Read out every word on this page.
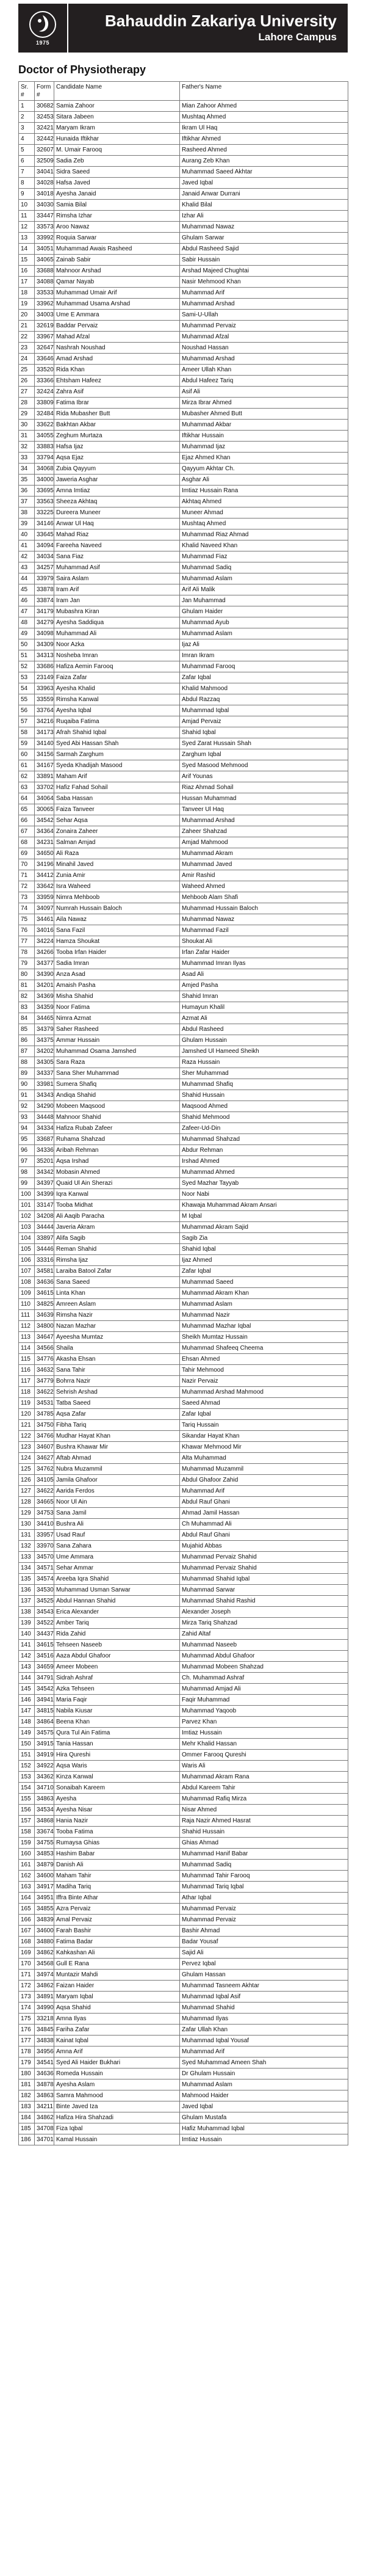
1975
Bahauddin Zakariya University
Lahore Campus
Doctor of Physiotherapy
Sr. #	Form #	Candidate Name	Father's Name
1	30682	Samia Zahoor	Mian Zahoor Ahmed
2	32453	Sitara Jabeen	Mushtaq Ahmed
3	32421	Maryam Ikram	Ikram Ul Haq
4	32442	Hunaida Iftikhar	Iftikhar Ahmed
5	32607	M. Umair Farooq	Rasheed Ahmed
6	32509	Sadia Zeb	Aurang Zeb Khan
7	34041	Sidra Saeed	Muhammad Saeed Akhtar
8	34028	Hafsa Javed	Javed Iqbal
9	34018	Ayesha Janaid	Janaid Anwar Durrani
10	34030	Samia Bilal	Khalid Bilal
11	33447	Rimsha Izhar	Izhar Ali
12	33573	Aroo Nawaz	Muhammad Nawaz
13	33992	Roquia Sarwar	Ghulam Sarwar
14	34051	Muhammad Awais Rasheed	Abdul Rasheed Sajid
15	34065	Zainab Sabir	Sabir Hussain
16	33688	Mahnoor Arshad	Arshad Majeed Chughtai
17	34088	Qamar Nayab	Nasir Mehmood Khan
18	33533	Muhammad Umair Arif	Muhammad Arif
19	33962	Muhammad Usama Arshad	Muhammad Arshad
20	34003	Ume E Ammara	Sami-U-Ullah
21	32619	Baddar Pervaiz	Muhammad Pervaiz
22	33967	Mahad Afzal	Muhammad Afzal
23	32647	Nashrah Noushad	Noushad Hassan
24	33646	Amad Arshad	Muhammad Arshad
25	33520	Rida Khan	Ameer Ullah Khan
26	33366	Ehtsham Hafeez	Abdul Hafeez Tariq
27	32424	Zahra Asif	Asif Ali
28	33809	Fatima Ibrar	Mirza Ibrar Ahmed
29	32484	Rida Mubasher Butt	Mubasher Ahmed Butt
30	33622	Bakhtan Akbar	Muhammad Akbar
31	34055	Zeghum Murtaza	Iftikhar Hussain
32	33883	Hafsa Ijaz	Muhammad Ijaz
33	33794	Aqsa Ejaz	Ejaz Ahmed Khan
34	34068	Zubia Qayyum	Qayyum Akhtar Ch.
35	34000	Jaweria Asghar	Asghar Ali
36	33695	Amna Imtiaz	Imtiaz Hussain Rana
37	33563	Sheeza Akhtaq	Akhtaq Ahmed
38	33225	Dureera Muneer	Muneer Ahmad
39	34146	Anwar Ul Haq	Mushtaq Ahmed
40	33645	Mahad Riaz	Muhammad Riaz Ahmad
41	34094	Fareeha Naveed	Khalid Naveed Khan
42	34034	Sana Fiaz	Muhammad Fiaz
43	34257	Muhammad Asif	Muhammad Sadiq
44	33979	Saira Aslam	Muhammad Aslam
45	33878	Iram Arif	Arif Ali Malik
46	33874	Iram Jan	Jan Muhammad
47	34179	Mubashra Kiran	Ghulam Haider
48	34279	Ayesha Saddiqua	Muhammad Ayub
49	34098	Muhammad Ali	Muhammad Aslam
50	34309	Noor Azka	Ijaz Ali
51	34313	Nosheba Imran	Imran Ikram
52	33686	Hafiza Aemin Farooq	Muhammad Farooq
53	23149	Faiza Zafar	Zafar Iqbal
54	33963	Ayesha Khalid	Khalid Mahmood
55	33559	Rimsha Kanwal	Abdul Razzaq
56	33764	Ayesha Iqbal	Muhammad Iqbal
57	34216	Ruqaiba Fatima	Amjad Pervaiz
58	34173	Afrah Shahid Iqbal	Shahid Iqbal
59	34140	Syed Abi Hassan Shah	Syed Zarat Hussain Shah
60	34156	Sarmah Zarghum	Zarghum Iqbal
61	34167	Syeda Khadijah Masood	Syed Masood Mehmood
62	33891	Maham Arif	Arif Younas
63	33702	Hafiz Fahad Sohail	Riaz Ahmad Sohail
64	34064	Saba Hassan	Hussan Muhammad
65	30065	Faiza Tanveer	Tanveer Ul Haq
66	34542	Sehar Aqsa	Muhammad Arshad
67	34364	Zonaira Zaheer	Zaheer Shahzad
68	34231	Salman Amjad	Amjad Mahmood
69	34650	Ali Raza	Muhammad Akram
70	34196	Minahil Javed	Muhammad Javed
71	34412	Zunia Amir	Amir Rashid
72	33642	Isra Waheed	Waheed Ahmed
73	33959	Nimra Mehboob	Mehboob Alam Shafi
74	34097	Numrah Hussain Baloch	Muhammad Hussain Baloch
75	34461	Aila Nawaz	Muhammad Nawaz
76	34016	Sana Fazil	Muhammad Fazil
77	34224	Hamza Shoukat	Shoukat Ali
78	34266	Tooba Irfan Haider	Irfan Zafar Haider
79	34377	Sadia Imran	Muhammad Imran Ilyas
80	34390	Anza Asad	Asad Ali
81	34201	Amaish Pasha	Amjed Pasha
82	34369	Misha Shahid	Shahid Imran
83	34359	Noor Fatima	Humayun Khalil
84	34465	Nimra Azmat	Azmat Ali
85	34379	Saher Rasheed	Abdul Rasheed
86	34375	Ammar Hussain	Ghulam Hussain
87	34202	Muhammad Osama Jamshed	Jamshed Ul Hameed Sheikh
88	34305	Sara Raza	Raza Hussain
89	34337	Sana Sher Muhammad	Sher Muhammad
90	33981	Sumera Shafiq	Muhammad Shafiq
91	34343	Andiqa Shahid	Shahid Hussain
92	34290	Mobeen Maqsood	Maqsood Ahmed
93	34448	Mahnoor Shahid	Shahid Mehmood
94	34334	Hafiza Rubab Zafeer	Zafeer-Ud-Din
95	33687	Ruhama Shahzad	Muhammad Shahzad
96	34336	Aribah Rehman	Abdur Rehman
97	35201	Aqsa Irshad	Irshad Ahmed
98	34342	Mobasin Ahmed	Muhammad Ahmed
99	34397	Quaid Ul Ain Sherazi	Syed Mazhar Tayyab
100	34399	Iqra Kanwal	Noor Nabi
101	33147	Tooba Midhat	Khawaja Muhammad Akram Ansari
102	34208	Ali Aaqib Paracha	M Iqbal
103	34444	Javeria Akram	Muhammad Akram Sajid
104	33897	Alifa Sagib	Sagib Zia
105	34446	Reman Shahid	Shahid Iqbal
106	33316	Rimsha Ijaz	Ijaz Ahmed
107	34581	Laraiba Batool Zafar	Zafar Iqbal
108	34636	Sana Saeed	Muhammad Saeed
109	34615	Linta Khan	Muhammad Akram Khan
110	34825	Amreen Aslam	Muhammad Aslam
111	34639	Rimsha Nazir	Muhammad Nazir
112	34800	Nazan Mazhar	Muhammad Mazhar Iqbal
113	34647	Ayeesha Mumtaz	Sheikh Mumtaz Hussain
114	34566	Shaila	Muhammad Shafeeq Cheema
115	34776	Akasha Ehsan	Ehsan Ahmed
116	34632	Sana Tahir	Tahir Mehmood
117	34779	Bohrra Nazir	Nazir Pervaiz
118	34622	Sehrish Arshad	Muhammad Arshad Mahmood
119	34531	Tatba Saeed	Saeed Ahmad
120	34785	Aqsa Zafar	Zafar Iqbal
121	34750	Fibha Tariq	Tariq Hussain
122	34766	Mudhar Hayat Khan	Sikandar Hayat Khan
123	34607	Bushra Khawar Mir	Khawar Mehmood Mir
124	34627	Aftab Ahmad	Alta Muhammad
125	34762	Nubra Muzammil	Muhammad Muzammil
126	34105	Jamila Ghafoor	Abdul Ghafoor Zahid
127	34622	Aarida Ferdos	Muhammad Arif
128	34665	Noor Ul Ain	Abdul Rauf Ghani
129	34753	Sana Jamil	Ahmad Jamil Hassan
130	34410	Bushra Ali	Ch Muhammad Ali
131	33957	Usad Rauf	Abdul Rauf Ghani
132	33970	Sana Zahara	Mujahid Abbas
133	34570	Ume Ammara	Muhammad Pervaiz Shahid
134	34571	Sehar Ammar	Muhammad Pervaiz Shahid
135	34574	Areeba Iqra Shahid	Muhammad Shahid Iqbal
136	34530	Muhammad Usman Sarwar	Muhammad Sarwar
137	34525	Abdul Hannan Shahid	Muhammad Shahid Rashid
138	34543	Erica Alexander	Alexander Joseph
139	34522	Amber Tariq	Mirza Tariq Shahzad
140	34437	Rida Zahid	Zahid Altaf
141	34615	Tehseen Naseeb	Muhammad Naseeb
142	34516	Aaza Abdul Ghafoor	Muhammad Abdul Ghafoor
143	34659	Ameer Mobeen	Muhammad Mobeen Shahzad
144	34791	Sidrah Ashraf	Ch. Muhammad Ashraf
145	34542	Azka Tehseen	Muhammad Amjad Ali
146	34941	Maria Faqir	Faqir Muhammad
147	34815	Nabila Kiusar	Muhammad Yaqoob
148	34864	Beena Khan	Parvez Khan
149	34575	Qura Tul Ain Fatima	Imtiaz Hussain
150	34915	Tania Hassan	Mehr Khalid Hassan
151	34919	Hira Qureshi	Ommer Farooq Qureshi
152	34922	Aqsa Waris	Waris Ali
153	34362	Kinza Kanwal	Muhammad Akram Rana
154	34710	Sonaibah Kareem	Abdul Kareem Tahir
155	34863	Ayesha	Muhammad Rafiq Mirza
156	34534	Ayesha Nisar	Nisar Ahmed
157	34868	Hania Nazir	Raja Nazir Ahmed Hasrat
158	33674	Tooba Fatima	Shahid Hussain
159	34755	Rumaysa Ghias	Ghias Ahmad
160	34853	Hashim Babar	Muhammad Hanif Babar
161	34879	Danish Ali	Muhammad Sadiq
162	34600	Maham Tahir	Muhammad Tahir Farooq
163	34917	Madiha Tariq	Muhammad Tariq Iqbal
164	34951	Iffra Binte Athar	Athar Iqbal
165	34855	Azra Pervaiz	Muhammad Pervaiz
166	34839	Amal Pervaiz	Muhammad Pervaiz
167	34600	Farah Bashir	Bashir Ahmad
168	34880	Fatima Badar	Badar Yousaf
169	34862	Kahkashan Ali	Sajid Ali
170	34568	Gull E Rana	Pervez Iqbal
171	34974	Muntazir Mahdi	Ghulam Hassan
172	34862	Faizan Haider	Muhammad Tasneem Akhtar
173	34891	Maryam Iqbal	Muhammad Iqbal Asif
174	34990	Aqsa Shahid	Muhammad Shahid
175	33218	Amna Ilyas	Muhammad Ilyas
176	34845	Fariha Zafar	Zafar Ullah Khan
177	34838	Kainat Iqbal	Muhammad Iqbal Yousaf
178	34956	Amna Arif	Muhammad Arif
179	34541	Syed Ali Haider Bukhari	Syed Muhammad Ameen Shah
180	34636	Romeda Hussain	Dr Ghulam Hussain
181	34878	Ayesha Aslam	Muhammad Aslam
182	34863	Samra Mahmood	Mahmood Haider
183	34211	Binte Javed Iza	Javed Iqbal
184	34862	Hafiza Hira Shahzadi	Ghulam Mustafa
185	34708	Fiza Iqbal	Hafiz Muhammad Iqbal
186	34701	Kamal Hussain	Imtiaz Hussain
